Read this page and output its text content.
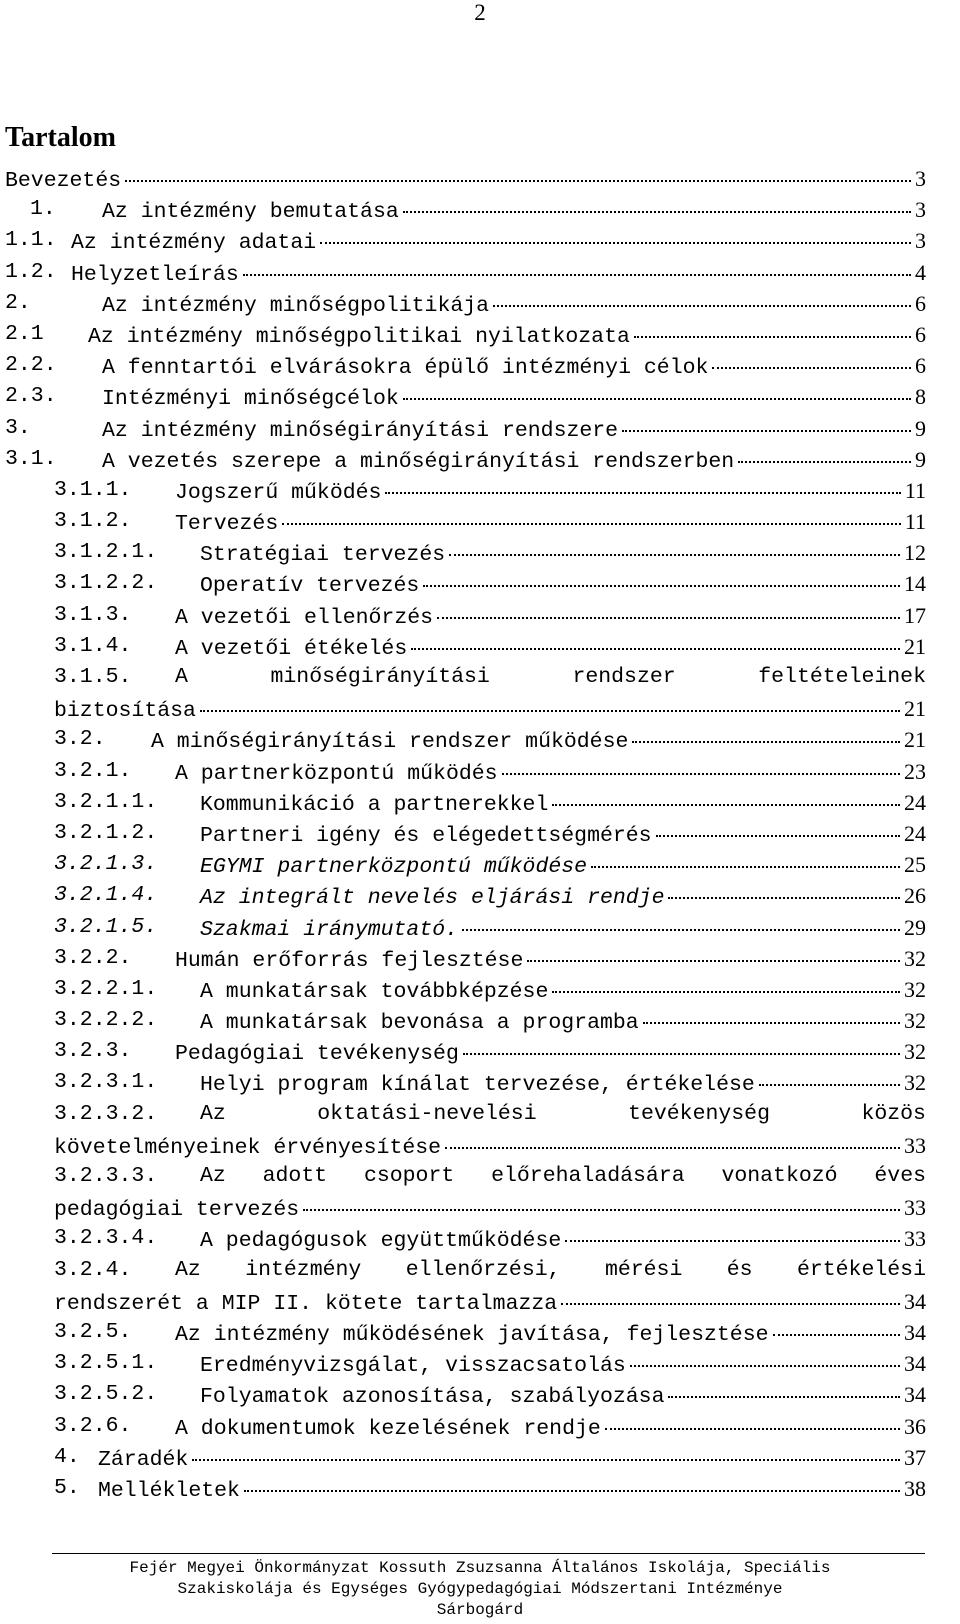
2
Tartalom
Bevezetés	3
1. Az intézmény bemutatása	3
1.1. Az intézmény adatai	3
1.2. Helyzetleírás	4
2.	Az intézmény minőségpolitikája	6
2.1 Az intézmény minőségpolitikai nyilatkozata	6
2.2. A fenntartói elvárásokra épülő intézményi célok	6
2.3. Intézményi minőségcélok	8
3.	Az intézmény minőségirányítási rendszere	9
3.1. A vezetés szerepe a minőségirányítási rendszerben	9
3.1.1. Jogszerű működés	11
3.1.2. Tervezés	11
3.1.2.1. Stratégiai tervezés	12
3.1.2.2. Operatív tervezés	14
3.1.3. A vezetői ellenőrzés	17
3.1.4. A vezetői étékelés	21
3.1.5. A	minőségirányítási	rendszer	feltételeinek
biztosítása	21
3.2. A minőségirányítási rendszer működése	21
3.2.1. A partnerközpontú működés	23
3.2.1.1. Kommunikáció a partnerekkel	24
3.2.1.2. Partneri igény és elégedettségmérés	24
3.2.1.3. EGYMI partnerközpontú működése	25
3.2.1.4. Az integrált nevelés eljárási rendje	26
3.2.1.5. Szakmai iránymutató.	29
3.2.2. Humán erőforrás fejlesztése	32
3.2.2.1. A munkatársak továbbképzése	32
3.2.2.2. A munkatársak bevonása a programba	32
3.2.3. Pedagógiai tevékenység	32
3.2.3.1. Helyi program kínálat tervezése, értékelése	32
3.2.3.2. Az	oktatási-nevelési	tevékenység	közös
követelményeinek érvényesítése	33
3.2.3.3. Az adott csoport előrehaladására vonatkozó éves
pedagógiai tervezés	33
3.2.3.4. A pedagógusok együttműködése	33
3.2.4. Az intézmény ellenőrzési, mérési és értékelési
rendszerét a MIP II. kötete tartalmazza	34
3.2.5. Az intézmény működésének javítása, fejlesztése	34
3.2.5.1. Eredményvizsgálat, visszacsatolás	34
3.2.5.2. Folyamatok azonosítása, szabályozása	34
3.2.6. A dokumentumok kezelésének rendje	36
4. Záradék	37
5. Mellékletek	38
Fejér Megyei Önkormányzat Kossuth Zsuzsanna Általános Iskolája, Speciális
Szakiskolája és Egységes Gyógypedagógiai Módszertani Intézménye
Sárbogárd
